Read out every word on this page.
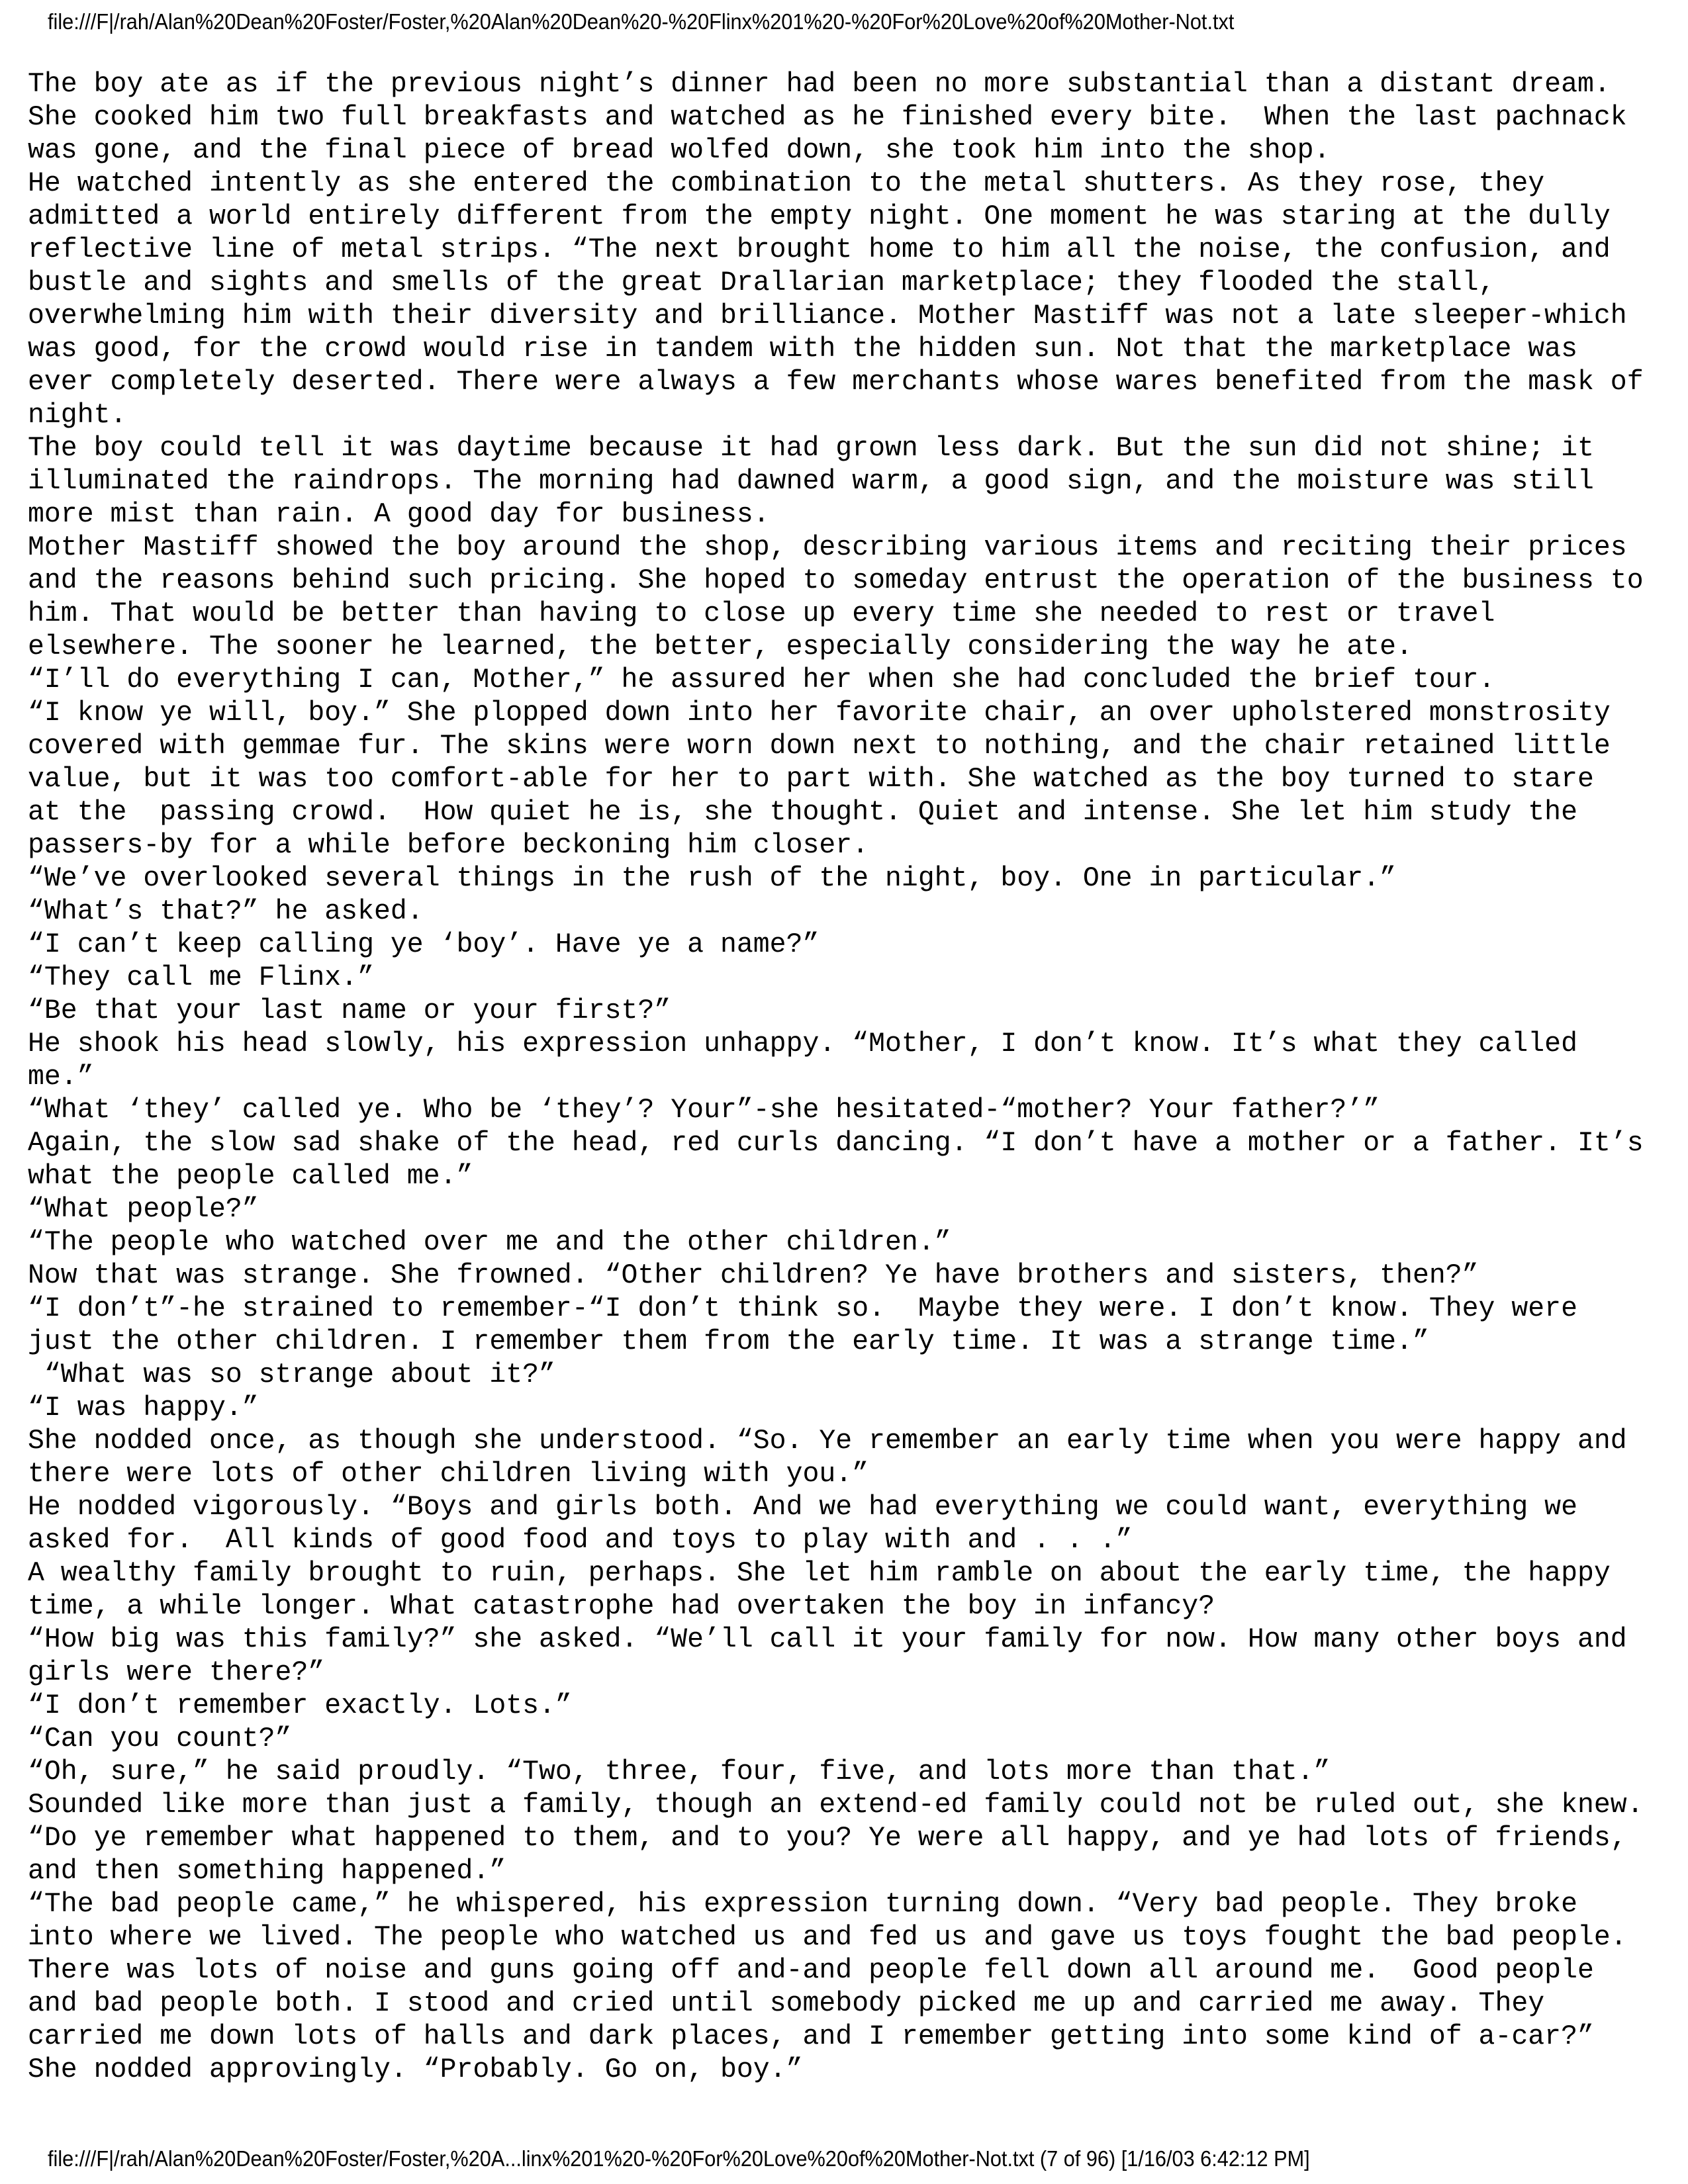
file:///F|/rah/Alan%20Dean%20Foster/Foster,%20Alan%20Dean%20-%20Flinx%201%20-%20For%20Love%20of%20Mother-Not.txt
The boy ate as if the previous night’s dinner had been no more substantial than a distant dream.
She cooked him two full breakfasts and watched as he finished every bite.  When the last pachnack
was gone, and the final piece of bread wolfed down, she took him into the shop.
He watched intently as she entered the combination to the metal shutters. As they rose, they
admitted a world entirely different from the empty night. One moment he was staring at the dully
reflective line of metal strips. “The next brought home to him all the noise, the confusion, and
bustle and sights and smells of the great Drallarian marketplace; they flooded the stall,
overwhelming him with their diversity and brilliance. Mother Mastiff was not a late sleeper-which
was good, for the crowd would rise in tandem with the hidden sun. Not that the marketplace was
ever completely deserted. There were always a few merchants whose wares benefited from the mask of
night.
The boy could tell it was daytime because it had grown less dark. But the sun did not shine; it
illuminated the raindrops. The morning had dawned warm, a good sign, and the moisture was still
more mist than rain. A good day for business.
Mother Mastiff showed the boy around the shop, describing various items and reciting their prices
and the reasons behind such pricing. She hoped to someday entrust the operation of the business to
him. That would be better than having to close up every time she needed to rest or travel
elsewhere. The sooner he learned, the better, especially considering the way he ate.
“I’ll do everything I can, Mother,” he assured her when she had concluded the brief tour.
“I know ye will, boy.” She plopped down into her favorite chair, an over upholstered monstrosity
covered with gemmae fur. The skins were worn down next to nothing, and the chair retained little
value, but it was too comfort-able for her to part with. She watched as the boy turned to stare
at the  passing crowd.  How quiet he is, she thought. Quiet and intense. She let him study the
passers-by for a while before beckoning him closer.
“We’ve overlooked several things in the rush of the night, boy. One in particular.”
“What’s that?” he asked.
“I can’t keep calling ye ‘boy’. Have ye a name?”
“They call me Flinx.”
“Be that your last name or your first?”
He shook his head slowly, his expression unhappy. “Mother, I don’t know. It’s what they called
me.”
“What ‘they’ called ye. Who be ‘they’? Your”-she hesitated-“mother? Your father?’”
Again, the slow sad shake of the head, red curls dancing. “I don’t have a mother or a father. It’s
what the people called me.”
“What people?”
“The people who watched over me and the other children.”
Now that was strange. She frowned. “Other children? Ye have brothers and sisters, then?”
“I don’t”-he strained to remember-“I don’t think so.  Maybe they were. I don’t know. They were
just the other children. I remember them from the early time. It was a strange time.”
“What was so strange about it?”
“I was happy.”
She nodded once, as though she understood. “So. Ye remember an early time when you were happy and
there were lots of other children living with you.”
He nodded vigorously. “Boys and girls both. And we had everything we could want, everything we
asked for.  All kinds of good food and toys to play with and . . .”
A wealthy family brought to ruin, perhaps. She let him ramble on about the early time, the happy
time, a while longer. What catastrophe had overtaken the boy in infancy?
“How big was this family?” she asked. “We’ll call it your family for now. How many other boys and
girls were there?”
“I don’t remember exactly. Lots.”
“Can you count?”
“Oh, sure,” he said proudly. “Two, three, four, five, and lots more than that.”
Sounded like more than just a family, though an extend-ed family could not be ruled out, she knew.
“Do ye remember what happened to them, and to you? Ye were all happy, and ye had lots of friends,
and then something happened.”
“The bad people came,” he whispered, his expression turning down. “Very bad people. They broke
into where we lived. The people who watched us and fed us and gave us toys fought the bad people.
There was lots of noise and guns going off and-and people fell down all around me.  Good people
and bad people both. I stood and cried until somebody picked me up and carried me away. They
carried me down lots of halls and dark places, and I remember getting into some kind of a-car?”
She nodded approvingly. “Probably. Go on, boy.”
file:///F|/rah/Alan%20Dean%20Foster/Foster,%20A...linx%201%20-%20For%20Love%20of%20Mother-Not.txt (7 of 96) [1/16/03 6:42:12 PM]
